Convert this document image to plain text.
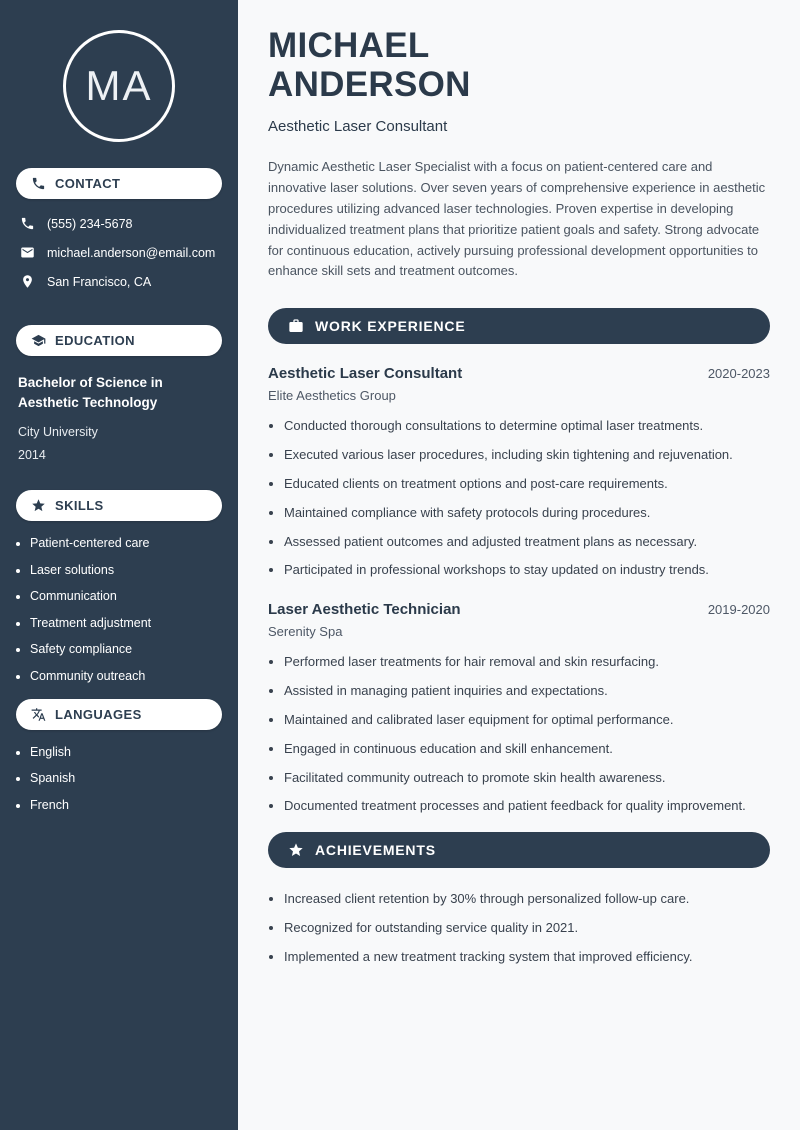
MA
CONTACT
(555) 234-5678
michael.anderson@email.com
San Francisco, CA
EDUCATION
Bachelor of Science in Aesthetic Technology
City University
2014
SKILLS
• Patient-centered care
• Laser solutions
• Communication
• Treatment adjustment
• Safety compliance
• Community outreach
LANGUAGES
• English
• Spanish
• French
MICHAEL
ANDERSON
Aesthetic Laser Consultant

Dynamic Aesthetic Laser Specialist with a focus on patient-centered care and innovative laser solutions. Over seven years of comprehensive experience in aesthetic procedures utilizing advanced laser technologies. Proven expertise in developing individualized treatment plans that prioritize patient goals and safety. Strong advocate for continuous education, actively pursuing professional development opportunities to enhance skill sets and treatment outcomes.

WORK EXPERIENCE
Aesthetic Laser Consultant	2020-2023
Elite Aesthetics Group
• Conducted thorough consultations to determine optimal laser treatments.
• Executed various laser procedures, including skin tightening and rejuvenation.
• Educated clients on treatment options and post-care requirements.
• Maintained compliance with safety protocols during procedures.
• Assessed patient outcomes and adjusted treatment plans as necessary.
• Participated in professional workshops to stay updated on industry trends.
Laser Aesthetic Technician	2019-2020
Serenity Spa
• Performed laser treatments for hair removal and skin resurfacing.
• Assisted in managing patient inquiries and expectations.
• Maintained and calibrated laser equipment for optimal performance.
• Engaged in continuous education and skill enhancement.
• Facilitated community outreach to promote skin health awareness.
• Documented treatment processes and patient feedback for quality improvement.
ACHIEVEMENTS
• Increased client retention by 30% through personalized follow-up care.
• Recognized for outstanding service quality in 2021.
• Implemented a new treatment tracking system that improved efficiency.
